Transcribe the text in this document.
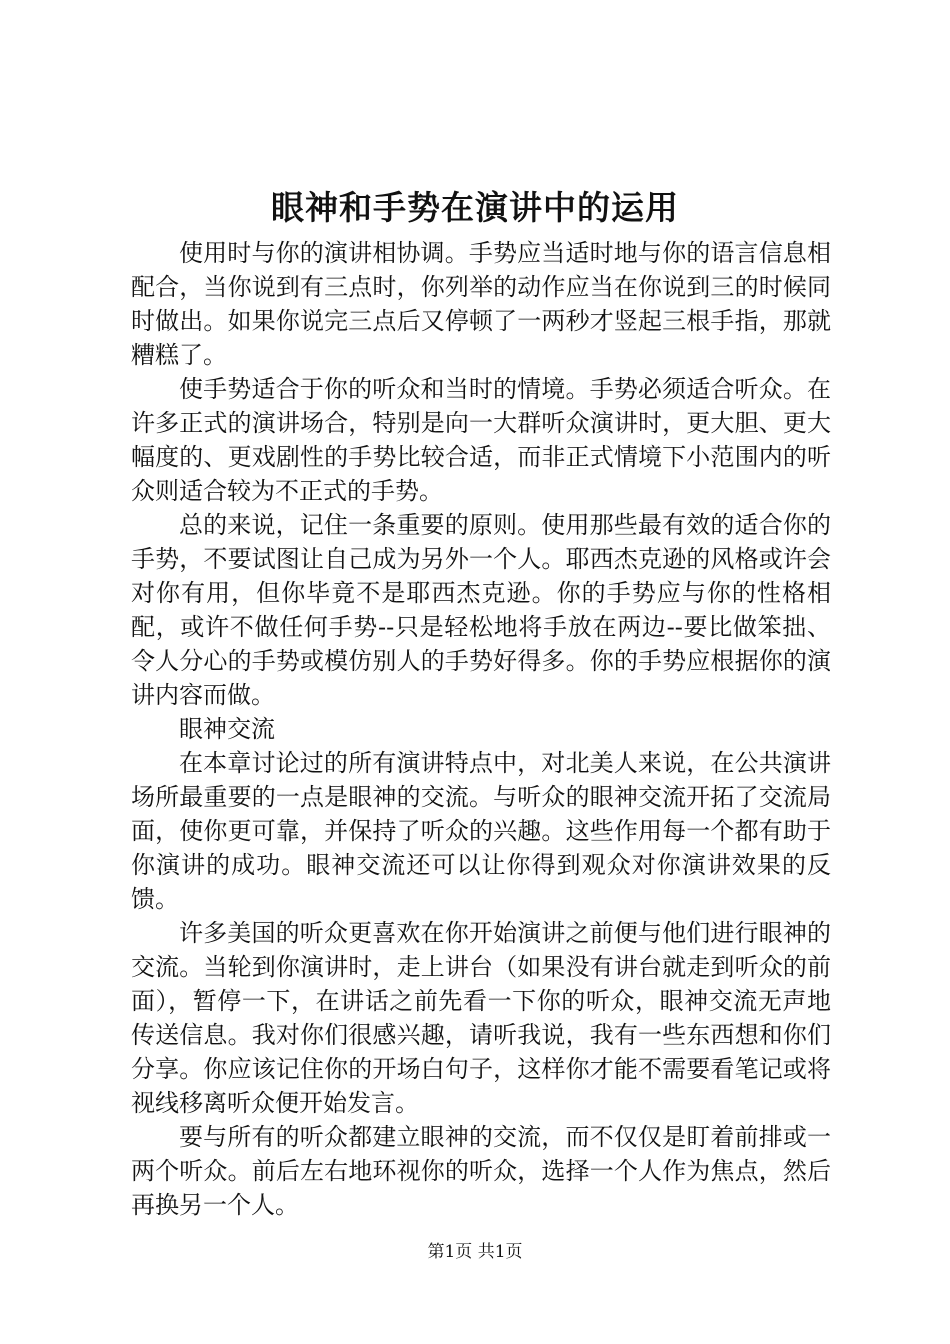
眼神和手势在演讲中的运用

使用时与你的演讲相协调。手势应当适时地与你的语言信息相配合，当你说到有三点时，你列举的动作应当在你说到三的时候同时做出。如果你说完三点后又停顿了一两秒才竖起三根手指，那就糟糕了。

使手势适合于你的听众和当时的情境。手势必须适合听众。在许多正式的演讲场合，特别是向一大群听众演讲时，更大胆、更大幅度的、更戏剧性的手势比较合适，而非正式情境下小范围内的听众则适合较为不正式的手势。

总的来说，记住一条重要的原则。使用那些最有效的适合你的手势，不要试图让自己成为另外一个人。耶西杰克逊的风格或许会对你有用，但你毕竟不是耶西杰克逊。你的手势应与你的性格相配，或许不做任何手势--只是轻松地将手放在两边--要比做笨拙、令人分心的手势或模仿别人的手势好得多。你的手势应根据你的演讲内容而做。

眼神交流

在本章讨论过的所有演讲特点中，对北美人来说，在公共演讲场所最重要的一点是眼神的交流。与听众的眼神交流开拓了交流局面，使你更可靠，并保持了听众的兴趣。这些作用每一个都有助于你演讲的成功。眼神交流还可以让你得到观众对你演讲效果的反馈。

许多美国的听众更喜欢在你开始演讲之前便与他们进行眼神的交流。当轮到你演讲时，走上讲台（如果没有讲台就走到听众的前面），暂停一下，在讲话之前先看一下你的听众，眼神交流无声地传送信息。我对你们很感兴趣，请听我说，我有一些东西想和你们分享。你应该记住你的开场白句子，这样你才能不需要看笔记或将视线移离听众便开始发言。

要与所有的听众都建立眼神的交流，而不仅仅是盯着前排或一两个听众。前后左右地环视你的听众，选择一个人作为焦点，然后再换另一个人。

第1页 共1页
